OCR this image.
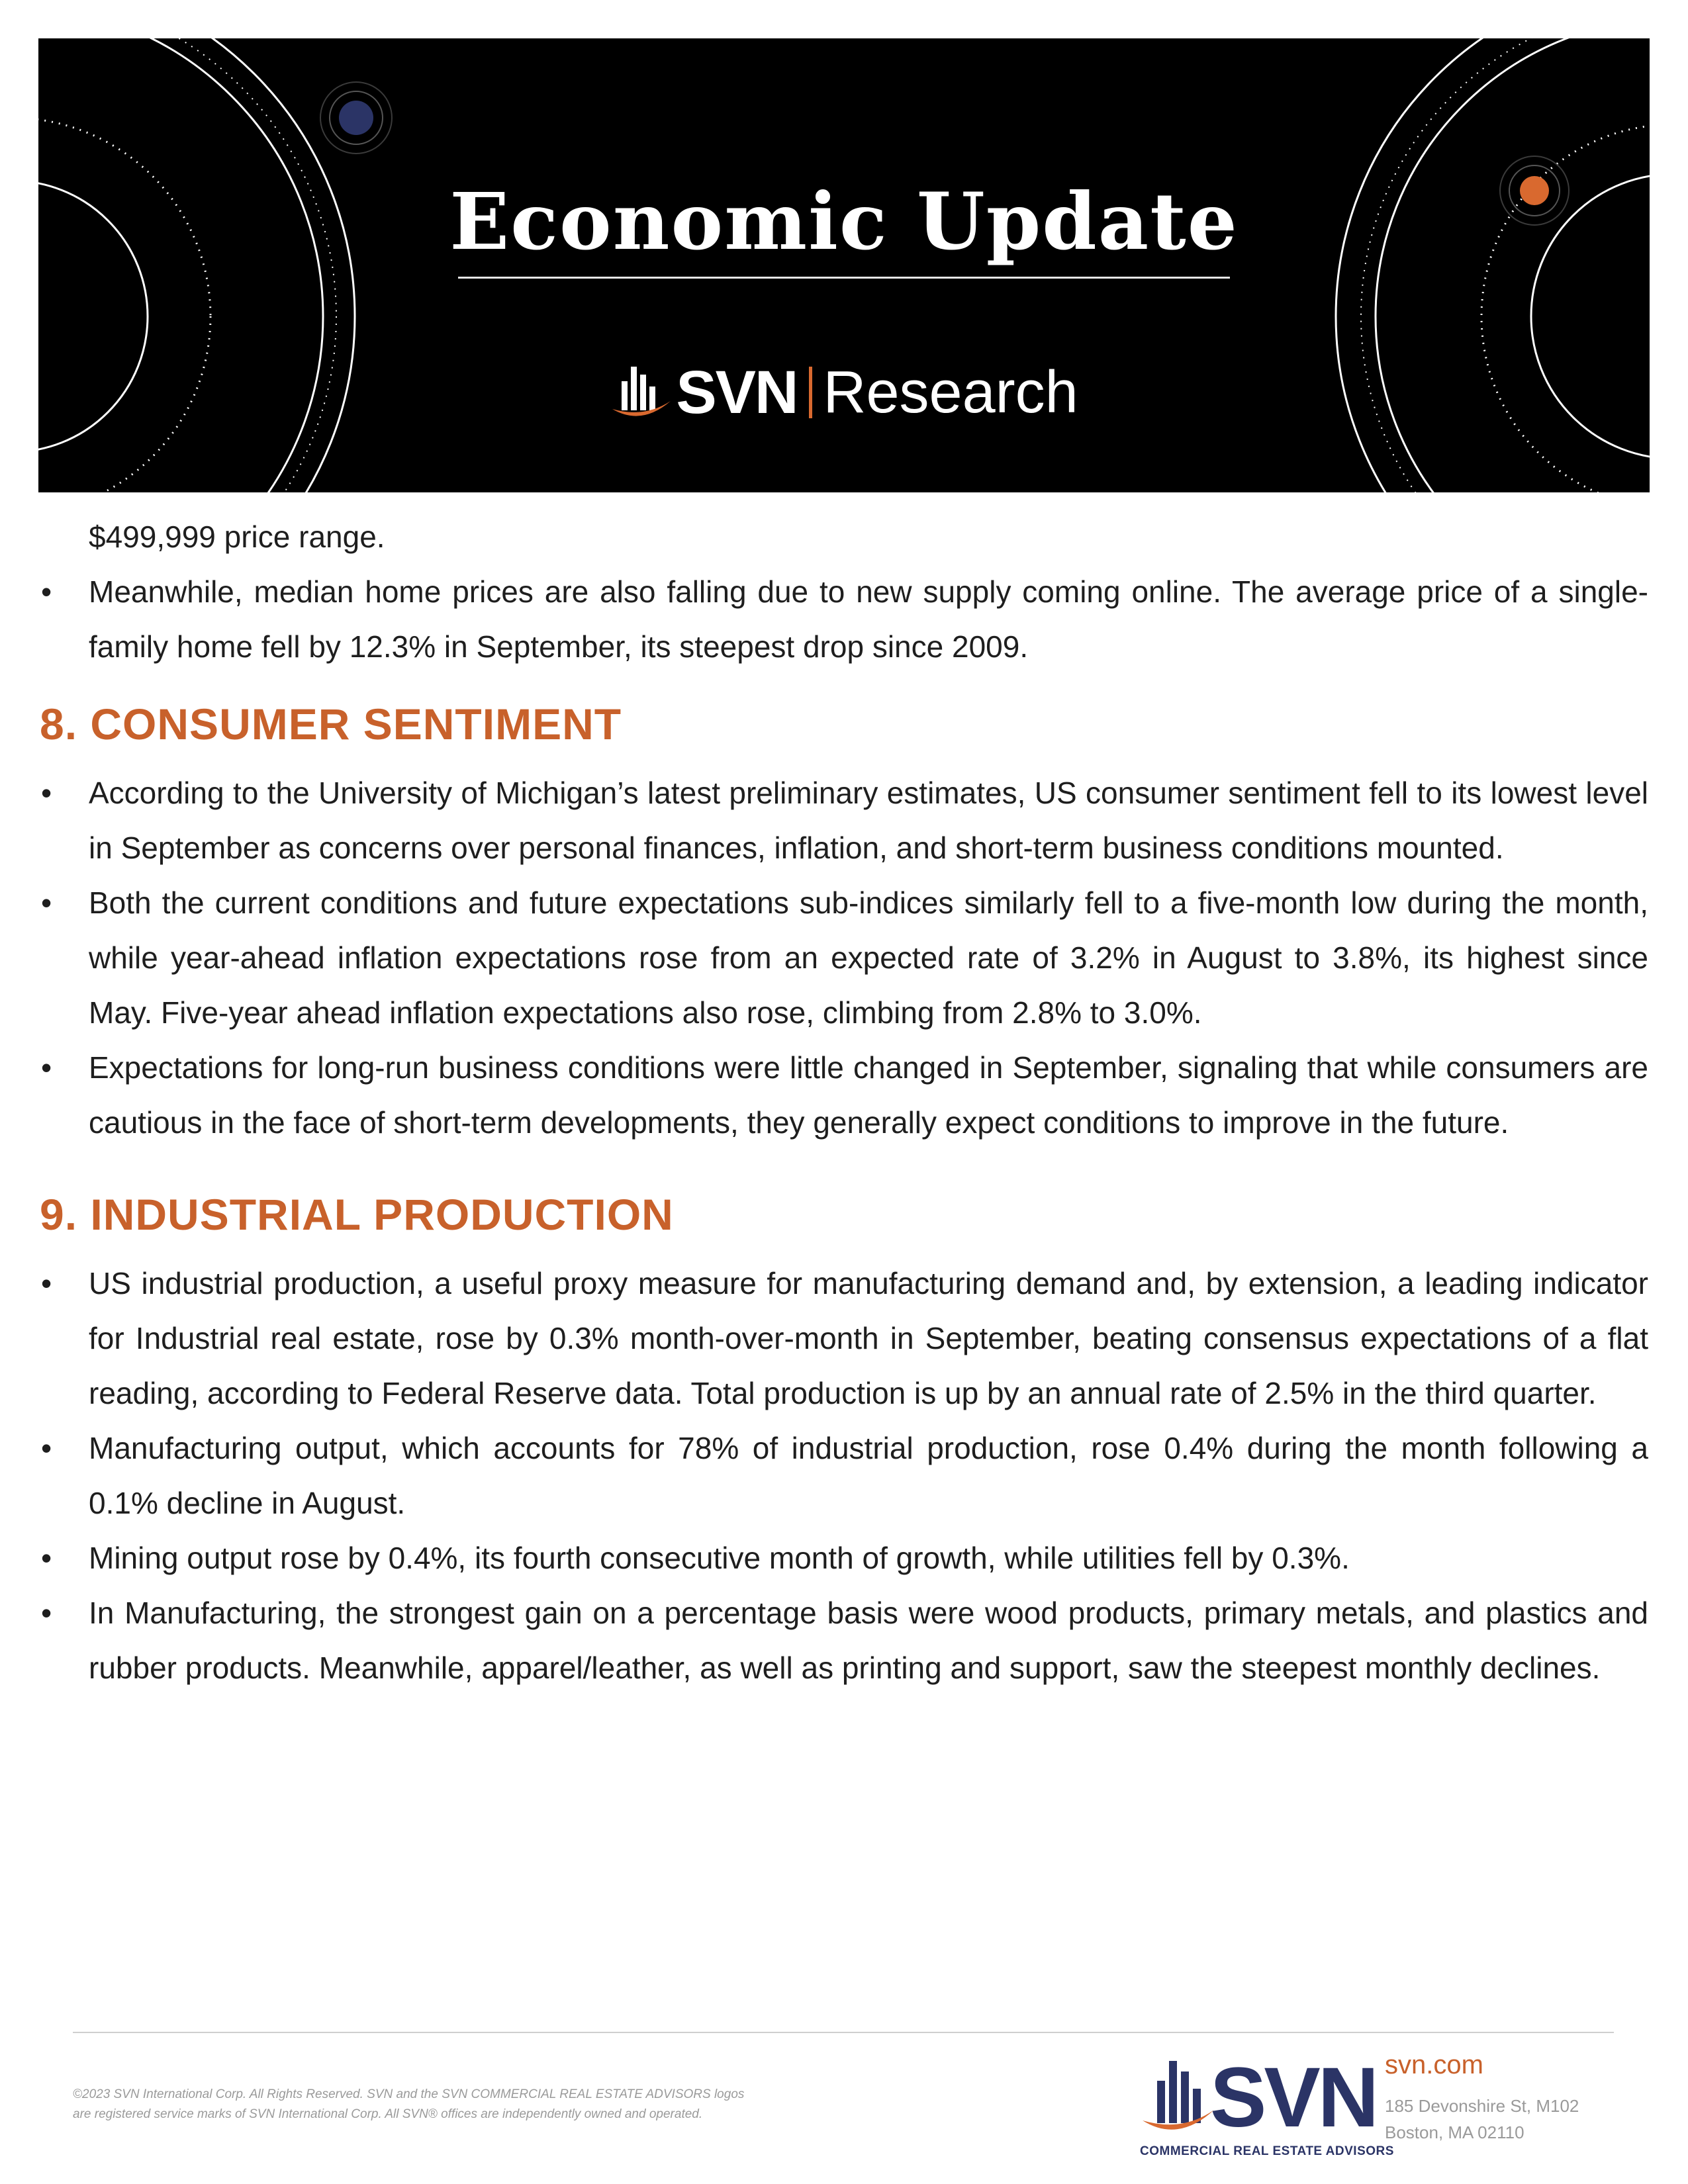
Economic Update
SVN Research

$499,999 price range.

• Meanwhile, median home prices are also falling due to new supply coming online. The average price of a single-family home fell by 12.3% in September, its steepest drop since 2009.
8. CONSUMER SENTIMENT
• According to the University of Michigan’s latest preliminary estimates, US consumer sentiment fell to its lowest level in September as concerns over personal finances, inflation, and short-term business conditions mounted.
• Both the current conditions and future expectations sub-indices similarly fell to a five-month low during the month, while year-ahead inflation expectations rose from an expected rate of 3.2% in August to 3.8%, its highest since May. Five-year ahead inflation expectations also rose, climbing from 2.8% to 3.0%.
• Expectations for long-run business conditions were little changed in September, signaling that while consumers are cautious in the face of short-term developments, they generally expect conditions to improve in the future.
9. INDUSTRIAL PRODUCTION
• US industrial production, a useful proxy measure for manufacturing demand and, by extension, a leading indicator for Industrial real estate, rose by 0.3% month-over-month in September, beating consensus expectations of a flat reading, according to Federal Reserve data. Total production is up by an annual rate of 2.5% in the third quarter.
• Manufacturing output, which accounts for 78% of industrial production, rose 0.4% during the month following a 0.1% decline in August.
• Mining output rose by 0.4%, its fourth consecutive month of growth, while utilities fell by 0.3%.
• In Manufacturing, the strongest gain on a percentage basis were wood products, primary metals, and plastics and rubber products. Meanwhile, apparel/leather, as well as printing and support, saw the steepest monthly declines.

©2023 SVN International Corp. All Rights Reserved. SVN and the SVN COMMERCIAL REAL ESTATE ADVISORS logos
are registered service marks of SVN International Corp. All SVN® offices are independently owned and operated.	SVN
COMMERCIAL REAL ESTATE ADVISORS

svn.com

185 Devonshire St, M102
Boston, MA 02110
